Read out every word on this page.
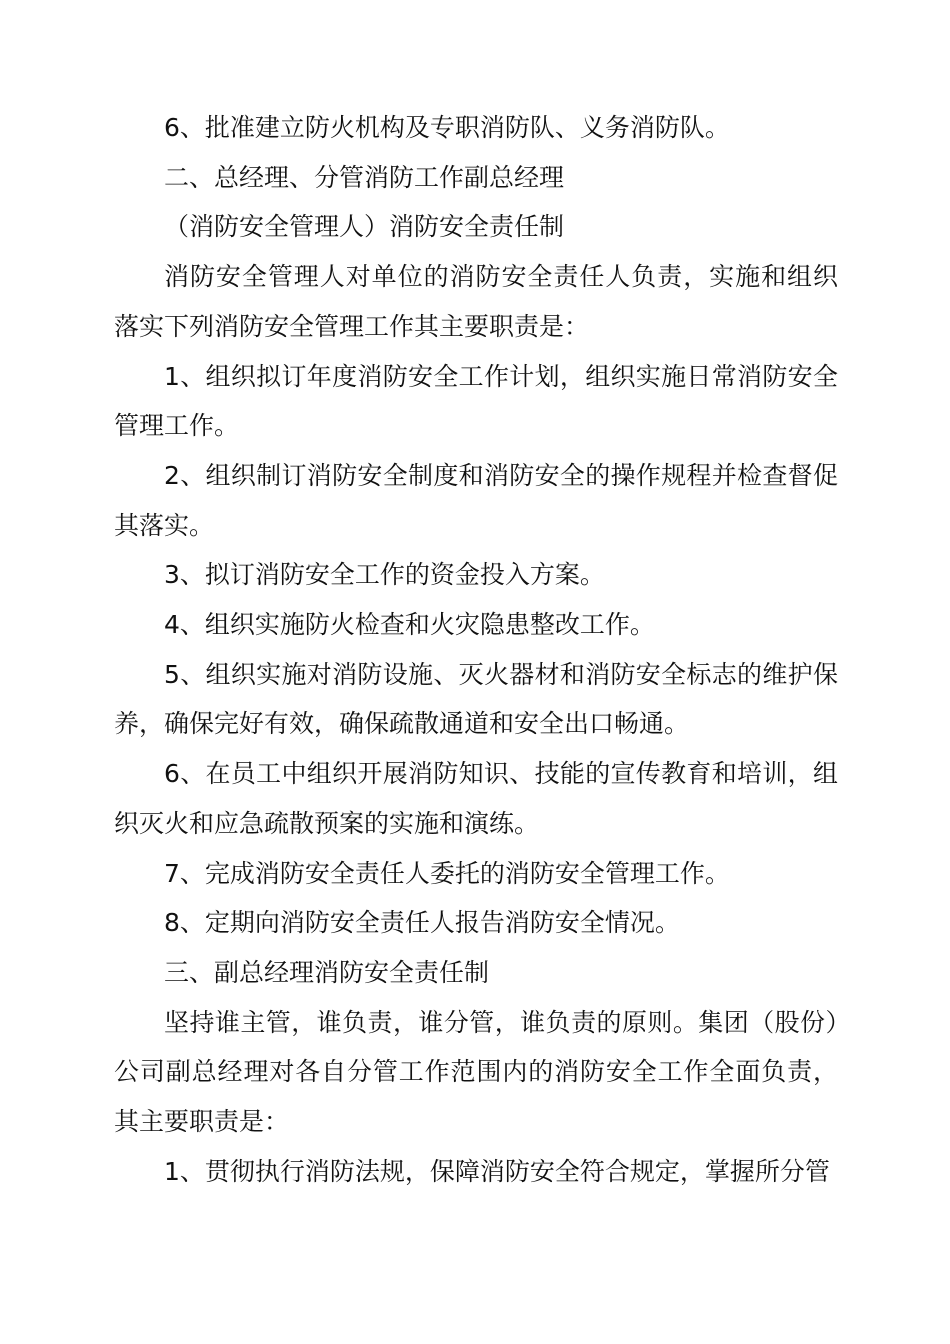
6、批准建立防火机构及专职消防队、义务消防队。

二、总经理、分管消防工作副总经理

（消防安全管理人）消防安全责任制

消防安全管理人对单位的消防安全责任人负责，实施和组织落实下列消防安全管理工作其主要职责是：

1、组织拟订年度消防安全工作计划，组织实施日常消防安全管理工作。

2、组织制订消防安全制度和消防安全的操作规程并检查督促其落实。

3、拟订消防安全工作的资金投入方案。

4、组织实施防火检查和火灾隐患整改工作。

5、组织实施对消防设施、灭火器材和消防安全标志的维护保养，确保完好有效，确保疏散通道和安全出口畅通。

6、在员工中组织开展消防知识、技能的宣传教育和培训，组织灭火和应急疏散预案的实施和演练。

7、完成消防安全责任人委托的消防安全管理工作。

8、定期向消防安全责任人报告消防安全情况。

三、副总经理消防安全责任制

坚持谁主管，谁负责，谁分管，谁负责的原则。集团（股份）公司副总经理对各自分管工作范围内的消防安全工作全面负责，其主要职责是：

1、贯彻执行消防法规，保障消防安全符合规定，掌握所分管
